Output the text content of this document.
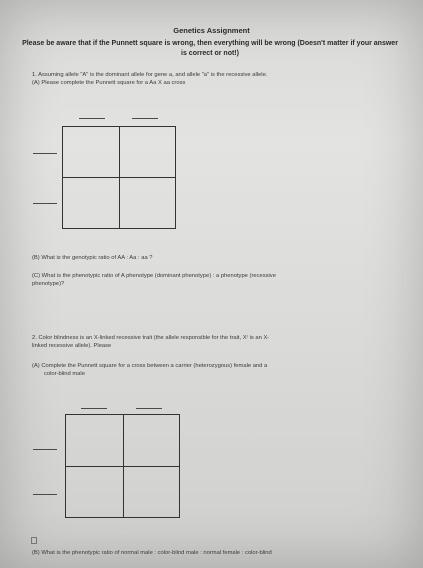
Genetics Assignment
Please be aware that if the Punnett square is wrong, then everything will be wrong (Doesn't matter if your answer is correct or not!)
1. Assuming allele "A" is the dominant allele for gene a, and allele "a" is the recessive allele.
(A) Please complete the Punnett square for a Aa X aa cross
(B) What is the genotypic ratio of AA : Aa : aa ?
(C) What is the phenotypic ratio of A phenotype (dominant phenotype) : a phenotype (recessive
phenotype)?
2. Color blindness is an X-linked recessive trait (the allele responsible for the trait, Xʳ is an X-
linked recessive allele). Please
(A) Complete the Punnett square for a cross between a carrier (heterozygous) female and a
color-blind male
(B) What is the phenotypic ratio of normal male : color-blind male : normal female : color-blind
